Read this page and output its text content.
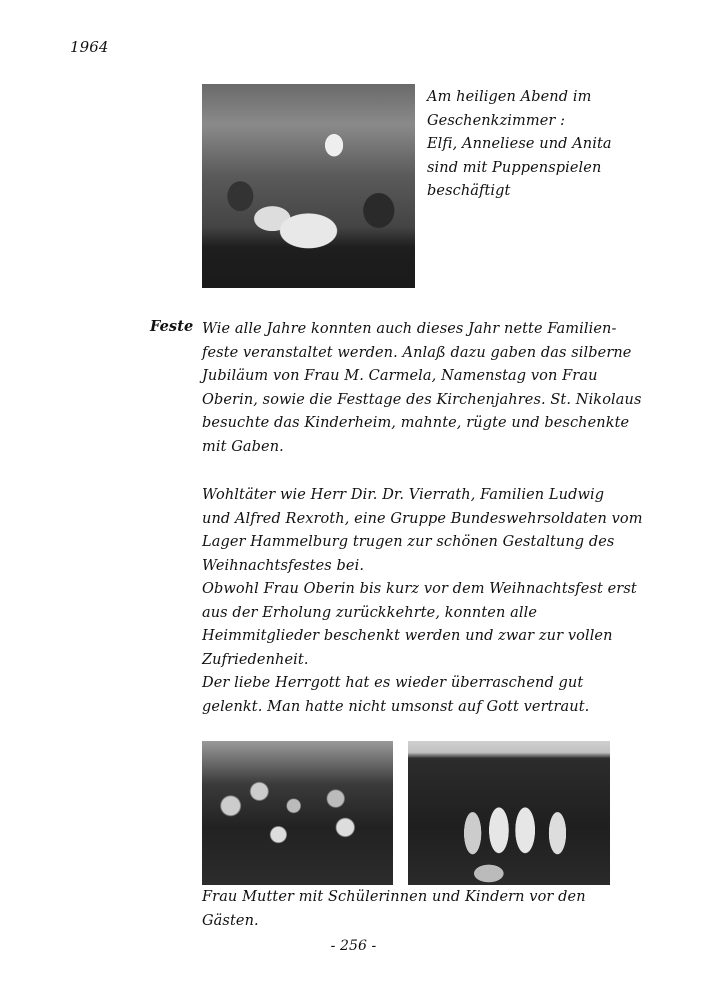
1964
Am heiligen Abend im
Geschenkzimmer :
Elfi, Anneliese und Anita
sind mit Puppenspielen
beschäftigt
Feste Wie alle Jahre konnten auch dieses Jahr nette Familien-
feste veranstaltet werden. Anlaß dazu gaben das silberne
Jubiläum von Frau M. Carmela, Namenstag von Frau
Oberin, sowie die Festtage des Kirchenjahres. St. Nikolaus
besuchte das Kinderheim, mahnte, rügte und beschenkte
mit Gaben.
Wohltäter wie Herr Dir. Dr. Vierrath, Familien Ludwig
und Alfred Rexroth, eine Gruppe Bundeswehrsoldaten vom
Lager Hammelburg trugen zur schönen Gestaltung des
Weihnachtsfestes bei.
Obwohl Frau Oberin bis kurz vor dem Weihnachtsfest erst
aus der Erholung zurückkehrte, konnten alle
Heimmitglieder beschenkt werden und zwar zur vollen
Zufriedenheit.
Der liebe Herrgott hat es wieder überraschend gut
gelenkt. Man hatte nicht umsonst auf Gott vertraut.
Frau Mutter mit Schülerinnen und Kindern vor den
Gästen.
- 256 -
